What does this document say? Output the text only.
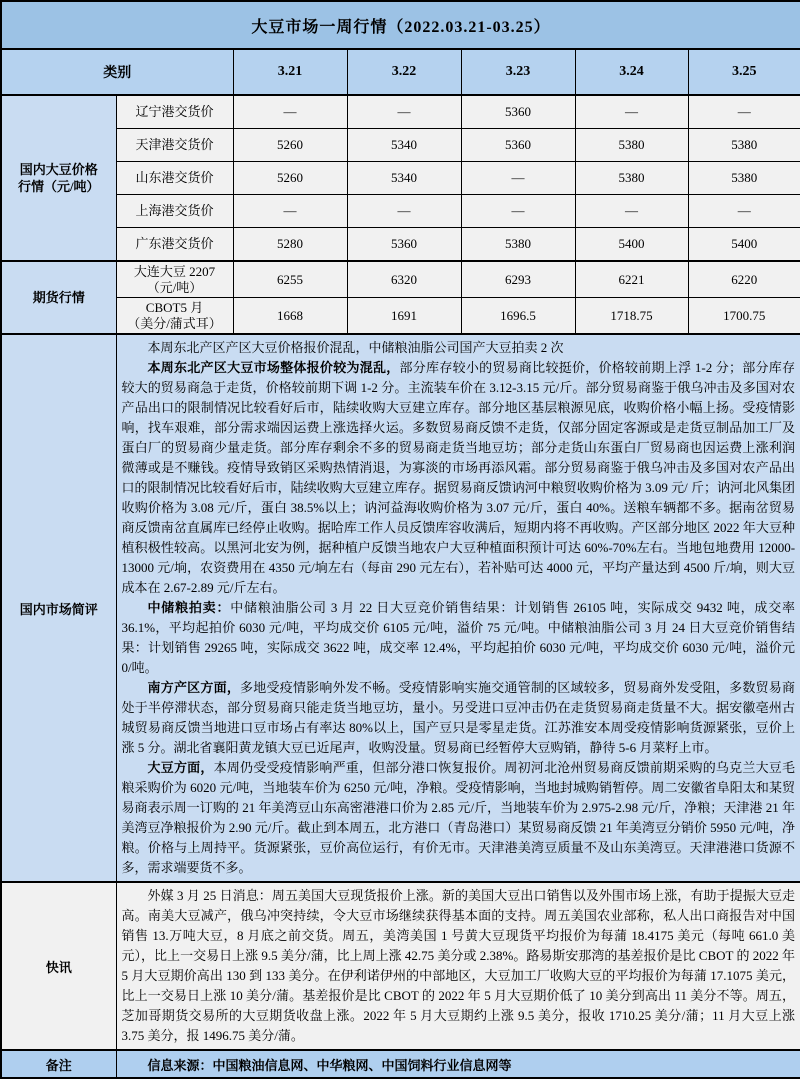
大豆市场一周行情（2022.03.21-03.25）						
类别		3.21	3.22	3.23	3.24	3.25

国内大豆价格
行情（元/吨）	辽宁港交货价	—	—	5360	—	—
	天津港交货价	5260	5340	5360	5380	5380
	山东港交货价	5260	5340	—	5380	5380
	上海港交货价	—	—	—	—	—
	广东港交货价	5280	5360	5380	5400	5400
期货行情	大连大豆 2207
（元/吨）	6255	6320	6293	6221	6220

	CBOT5 月
（美分/蒲式耳）	1668	1691	1696.5	1718.75	1700.75
国内市场简评	本周东北产区产区大豆价格报价混乱，中储粮油脂公司国产大豆拍卖 2 次

本周东北产区大豆市场整体报价较为混乱，部分库存较小的贸易商比较挺价，价格较前期上浮 1-2 分；部分库存较大的贸易商急于走货，价格较前期下调 1-2 分。主流装车价在 3.12-3.15 元/斤。部分贸易商鉴于俄乌冲击及多国对农产品出口的限制情况比较看好后市，陆续收购大豆建立库存。部分地区基层粮源见底，收购价格小幅上扬。受疫情影响，找车艰难，部分需求端因运费上涨选择火运。多数贸易商反馈不走货，仅部分固定客源或是走货豆制品加工厂及蛋白厂的贸易商少量走货。部分库存剩余不多的贸易商走货当地豆坊；部分走货山东蛋白厂贸易商也因运费上涨利润微薄或是不赚钱。疫情导致销区采购热情消退，为寡淡的市场再添风霜。部分贸易商鉴于俄乌冲击及多国对农产品出口的限制情况比较看好后市，陆续收购大豆建立库存。据贸易商反馈讷河中粮贸收购价格为 3.09 元/ 斤；讷河北风集团收购价格为 3.08 元/斤，蛋白 38.5%以上；讷河益海收购价格为 3.07 元/斤，蛋白 40%。送粮车辆都不多。据南岔贸易商反馈南岔直属库已经停止收购。据哈库工作人员反馈库容收满后，短期内将不再收购。产区部分地区 2022 年大豆种植积极性较高。以黑河北安为例，据种植户反馈当地农户大豆种植面积预计可达 60%-70%左右。当地包地费用 12000-13000 元/垧，农资费用在 4350 元/垧左右（每亩 290 元左右），若补贴可达 4000 元，平均产量达到 4500 斤/垧，则大豆成本在 2.67-2.89 元/斤左右。

中储粮拍卖：中储粮油脂公司 3 月 22 日大豆竞价销售结果：计划销售 26105 吨，实际成交 9432 吨，成交率 36.1%，平均起拍价 6030 元/吨，平均成交价 6105 元/吨，溢价 75 元/吨。中储粮油脂公司 3 月 24 日大豆竞价销售结果：计划销售 29265 吨，实际成交 3622 吨，成交率 12.4%，平均起拍价 6030 元/吨，平均成交价 6030 元/吨，溢价元 0/吨。

南方产区方面，多地受疫情影响外发不畅。受疫情影响实施交通管制的区域较多，贸易商外发受阻，多数贸易商处于半停滞状态，部分贸易商只能走货当地豆坊，量小。另受进口豆冲击仍在走货贸易商走货量不大。据安徽亳州古城贸易商反馈当地进口豆市场占有率达 80%以上，国产豆只是零星走货。江苏淮安本周受疫情影响货源紧张，豆价上涨 5 分。湖北省襄阳黄龙镇大豆已近尾声，收购没量。贸易商已经暂停大豆购销，静待 5-6 月菜籽上市。

大豆方面，本周仍受受疫情影响严重，但部分港口恢复报价。周初河北沧州贸易商反馈前期采购的乌克兰大豆毛粮采购价为 6020 元/吨，当地装车价为 6250 元/吨，净粮。受疫情影响，当地封城购销暂停。周二安徽省阜阳太和某贸易商表示周一订购的 21 年美湾豆山东高密港港口价为 2.85 元/斤，当地装车价为 2.975-2.98 元/斤，净粮；天津港 21 年美湾豆净粮报价为 2.90 元/斤。截止到本周五，北方港口（青岛港口）某贸易商反馈 21 年美湾豆分销价 5950 元/吨，净粮。价格与上周持平。货源紧张，豆价高位运行，有价无市。天津港美湾豆质量不及山东美湾豆。天津港港口货源不多，需求端要货不多。					

快讯	外媒 3 月 25 日消息：周五美国大豆现货报价上涨。新的美国大豆出口销售以及外围市场上涨，有助于提振大豆走高。南美大豆减产，俄乌冲突持续，令大豆市场继续获得基本面的支持。周五美国农业部称，私人出口商报告对中国销售 13.万吨大豆，8 月底之前交货。周五，美湾美国 1 号黄大豆现货平均报价为每蒲 18.4175 美元（每吨 661.0 美元），比上一交易日上涨 9.5 美分/蒲，比上周上涨 42.75 美分或 2.38%。路易斯安那湾的基差报价是比 CBOT 的 2022 年 5 月大豆期价高出 130 到 133 美分。在伊利诺伊州的中部地区，大豆加工厂收购大豆的平均报价为每蒲 17.1075 美元，比上一交易日上涨 10 美分/蒲。基差报价是比 CBOT 的 2022 年 5 月大豆期价低了 10 美分到高出 11 美分不等。周五，芝加哥期货交易所的大豆期货收盘上涨。2022 年 5 月大豆期约上涨 9.5 美分，报收 1710.25 美分/蒲；11 月大豆上涨 3.75 美分，报 1496.75 美分/蒲。					

备注	信息来源：中国粮油信息网、中华粮网、中国饲料行业信息网等					
